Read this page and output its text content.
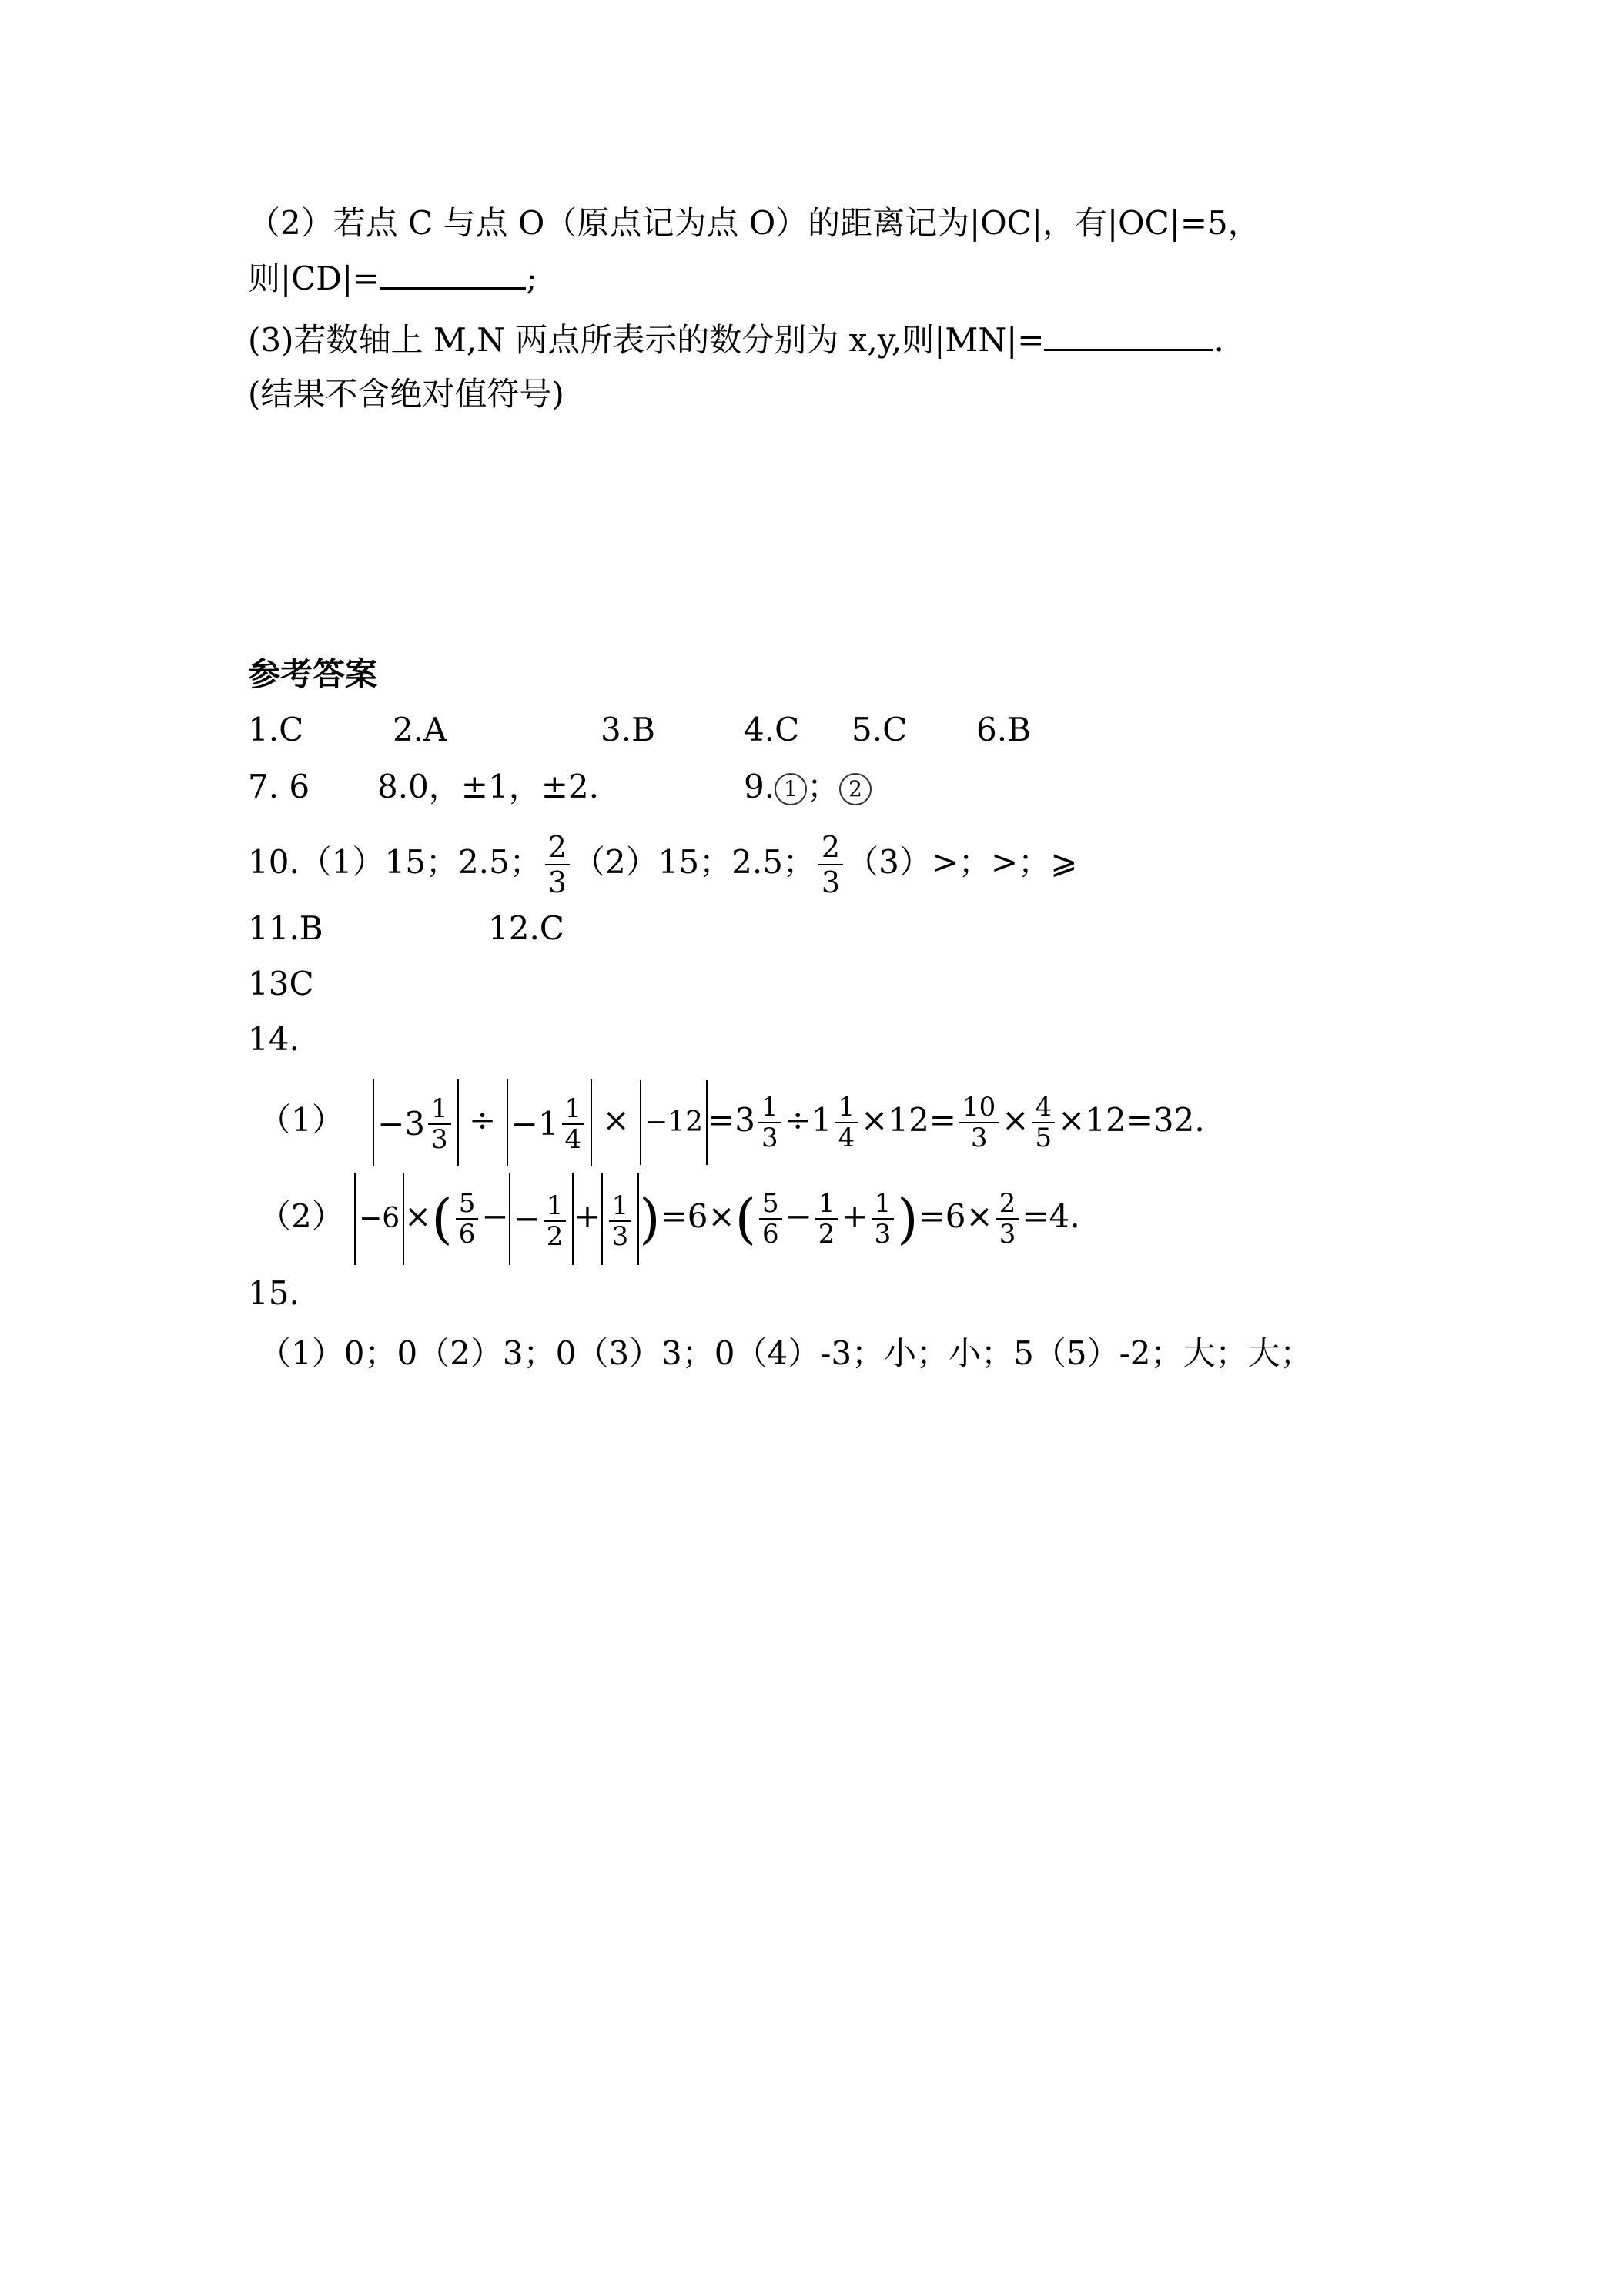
（2）若点 C 与点 O（原点记为点 O）的距离记为|OC|，有|OC|=5，
则|CD|=	;
(3)若数轴上 M,N 两点所表示的数分别为 x,y,则|MN|=	.
(结果不含绝对值符号)
参考答案
1.C	2.A	3.B	4.C 5.C 6.B
7. 6 8.0，±1，±2.	9. 1 ； 2
10.（1）15；2.5； $\frac{2}{3} (2)15$；2.5； $\frac{2}{3} (3)>$；>；⩾
11.B	12.C
13C
14.
$(1) -3 \frac{1}{3} \div -1 \frac{1}{4} \times -12 =3 \frac{1}{3} \div 1 \frac{1}{4} \times 12= \frac{10}{3} \times \frac{4}{5} \times 12=32$.
（2） −6 ×( $\frac{5}{6}$ − − $\frac{1}{2} + \frac{1}{3} )=6\times( \frac{5}{6} - \frac{1}{2} + \frac{1}{3} )=6\times \frac{2}{3} =4$.
15.
（1）0；0（2）3；0（3）3；0（4）-3；小；小；5（5）-2；大；大；
